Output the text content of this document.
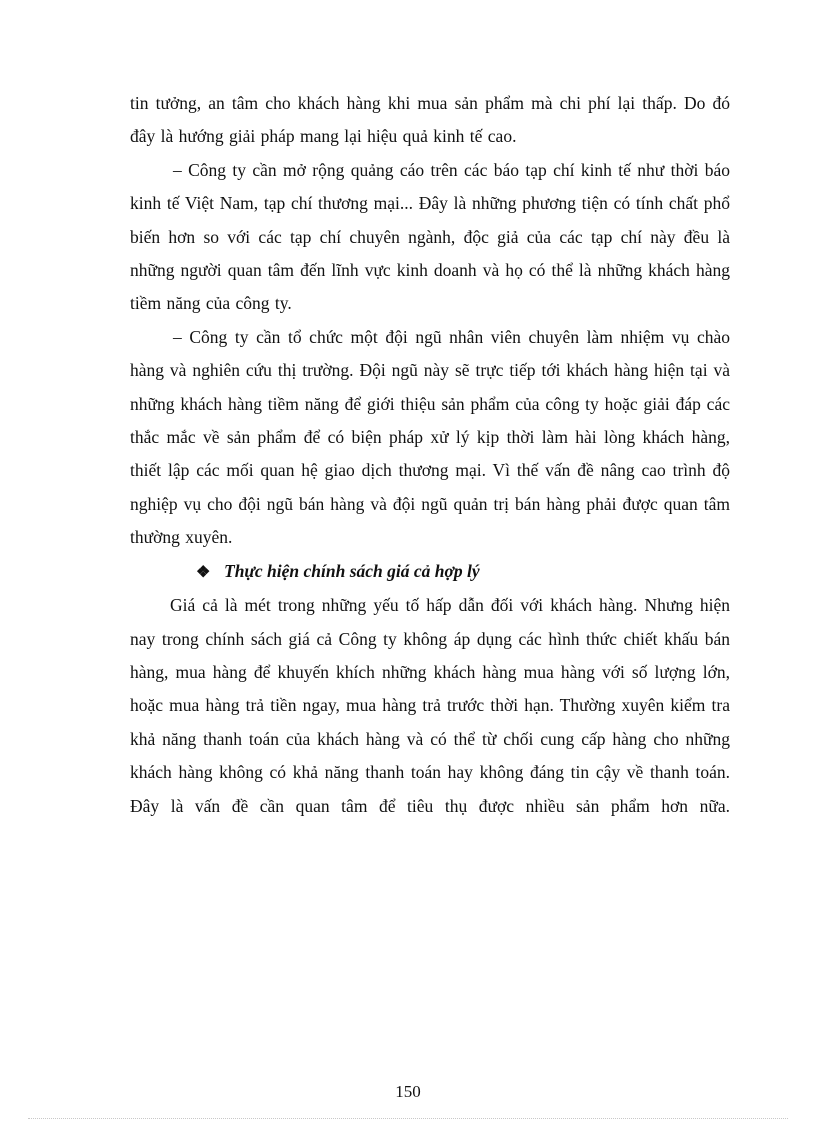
tin tưởng, an tâm cho khách hàng khi mua sản phẩm mà chi phí lại thấp. Do đó đây là hướng giải pháp mang lại hiệu quả kinh tế cao.

– Công ty cần mở rộng quảng cáo trên các báo tạp chí kinh tế như thời báo kinh tế Việt Nam, tạp chí thương mại... Đây là những phương tiện có tính chất phổ biến hơn so với các tạp chí chuyên ngành, độc giả của các tạp chí này đều là những người quan tâm đến lĩnh vực kinh doanh và họ có thể là những khách hàng tiềm năng của công ty.

– Công ty cần tổ chức một đội ngũ nhân viên chuyên làm nhiệm vụ chào hàng và nghiên cứu thị trường. Đội ngũ này sẽ trực tiếp tới khách hàng hiện tại và những khách hàng tiềm năng để giới thiệu sản phẩm của công ty hoặc giải đáp các thắc mắc về sản phẩm để có biện pháp xử lý kịp thời làm hài lòng khách hàng, thiết lập các mối quan hệ giao dịch thương mại. Vì thế vấn đề nâng cao trình độ nghiệp vụ cho đội ngũ bán hàng và đội ngũ quản trị bán hàng phải được quan tâm thường xuyên.

❖ Thực hiện chính sách giá cả hợp lý

Giá cả là mét trong những yếu tố hấp dẫn đối với khách hàng. Nhưng hiện nay trong chính sách giá cả Công ty không áp dụng các hình thức chiết khấu bán hàng, mua hàng để khuyến khích những khách hàng mua hàng với số lượng lớn, hoặc mua hàng trả tiền ngay, mua hàng trả trước thời hạn. Thường xuyên kiểm tra khả năng thanh toán của khách hàng và có thể từ chối cung cấp hàng cho những khách hàng không có khả năng thanh toán hay không đáng tin cậy về thanh toán. Đây là vấn đề cần quan tâm để tiêu thụ được nhiều sản phẩm hơn nữa.

150
